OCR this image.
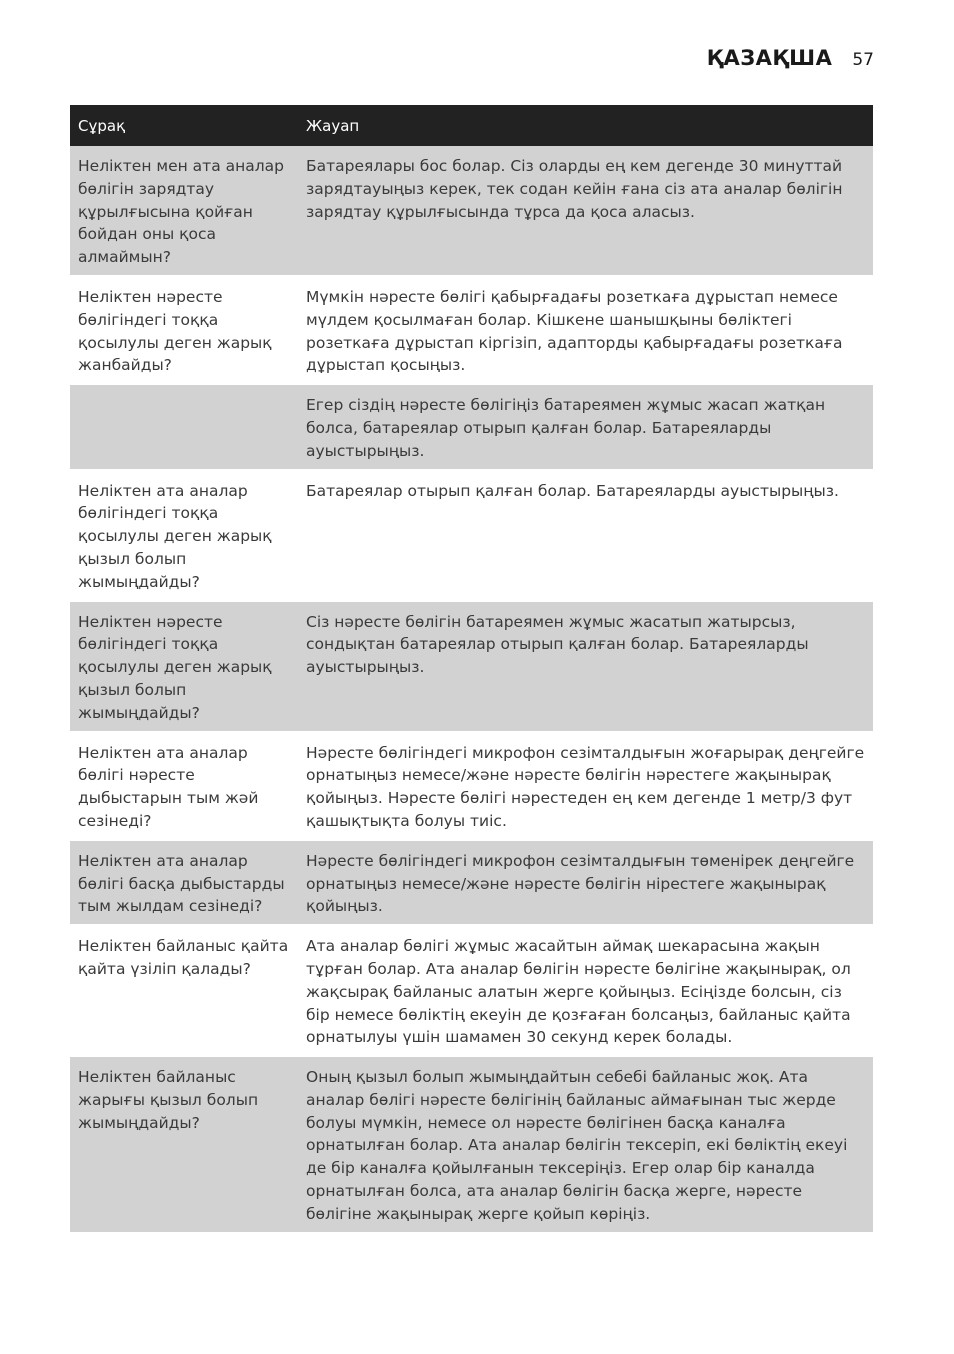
ҚАЗАҚША 57
Сұрақ	Жауап
Неліктен мен ата аналар бөлігін зарядтау құрылғысына қойған бойдан оны қоса алмаймын?	Батареялары бос болар. Сіз оларды ең кем дегенде 30 минуттай зарядтауыңыз керек, тек содан кейін ғана сіз ата аналар бөлігін зарядтау құрылғысында тұрса да қоса аласыз.
Неліктен нәресте бөлігіндегі тоққа қосылулы деген жарық жанбайды?	Мүмкін нәресте бөлігі қабырғадағы розеткаға дұрыстап немесе мүлдем қосылмаған болар. Кішкене шанышқыны бөліктегі розеткаға дұрыстап кіргізіп, адапторды қабырғадағы розеткаға дұрыстап қосыңыз.
	Егер сіздің нәресте бөлігіңіз батареямен жұмыс жасап жатқан болса, батареялар отырып қалған болар. Батареяларды ауыстырыңыз.
Неліктен ата аналар бөлігіндегі тоққа қосылулы деген жарық қызыл болып жымыңдайды?	Батареялар отырып қалған болар. Батареяларды ауыстырыңыз.
Неліктен нәресте бөлігіндегі тоққа қосылулы деген жарық қызыл болып жымыңдайды?	Сіз нәресте бөлігін батареямен жұмыс жасатып жатырсыз, сондықтан батареялар отырып қалған болар. Батареяларды ауыстырыңыз.
Неліктен ата аналар бөлігі нәресте дыбыстарын тым жәй сезінеді?	Нәресте бөлігіндегі микрофон сезімталдығын жоғарырақ деңгейге орнатыңыз немесе/және нәресте бөлігін нәрестеге жақынырақ қойыңыз. Нәресте бөлігі нәрестеден ең кем дегенде 1 метр/3 фут қашықтықта болуы тиіс.
Неліктен ата аналар бөлігі басқа дыбыстарды тым жылдам сезінеді?	Нәресте бөлігіндегі микрофон сезімталдығын төменірек деңгейге орнатыңыз немесе/және нәресте бөлігін нірестеге жақынырақ қойыңыз.
Неліктен байланыс қайта қайта үзіліп қалады?	Ата аналар бөлігі жұмыс жасайтын аймақ шекарасына жақын тұрған болар. Ата аналар бөлігін нәресте бөлігіне жақынырақ, ол жақсырақ байланыс алатын жерге қойыңыз. Есіңізде болсын, сіз бір немесе бөліктің екеуін де қозғаған болсаңыз, байланыс қайта орнатылуы үшін шамамен 30 секунд керек болады.
Неліктен байланыс жарығы қызыл болып жымыңдайды?	Оның қызыл болып жымыңдайтын себебі байланыс жоқ. Ата аналар бөлігі нәресте бөлігінің байланыс аймағынан тыс жерде болуы мүмкін, немесе ол нәресте бөлігінен басқа каналға орнатылған болар. Ата аналар бөлігін тексеріп, екі бөліктің екеуі де бір каналға қойылғанын тексеріңіз. Егер олар бір каналда орнатылған болса, ата аналар бөлігін басқа жерге, нәресте бөлігіне жақынырақ жерге қойып көріңіз.
